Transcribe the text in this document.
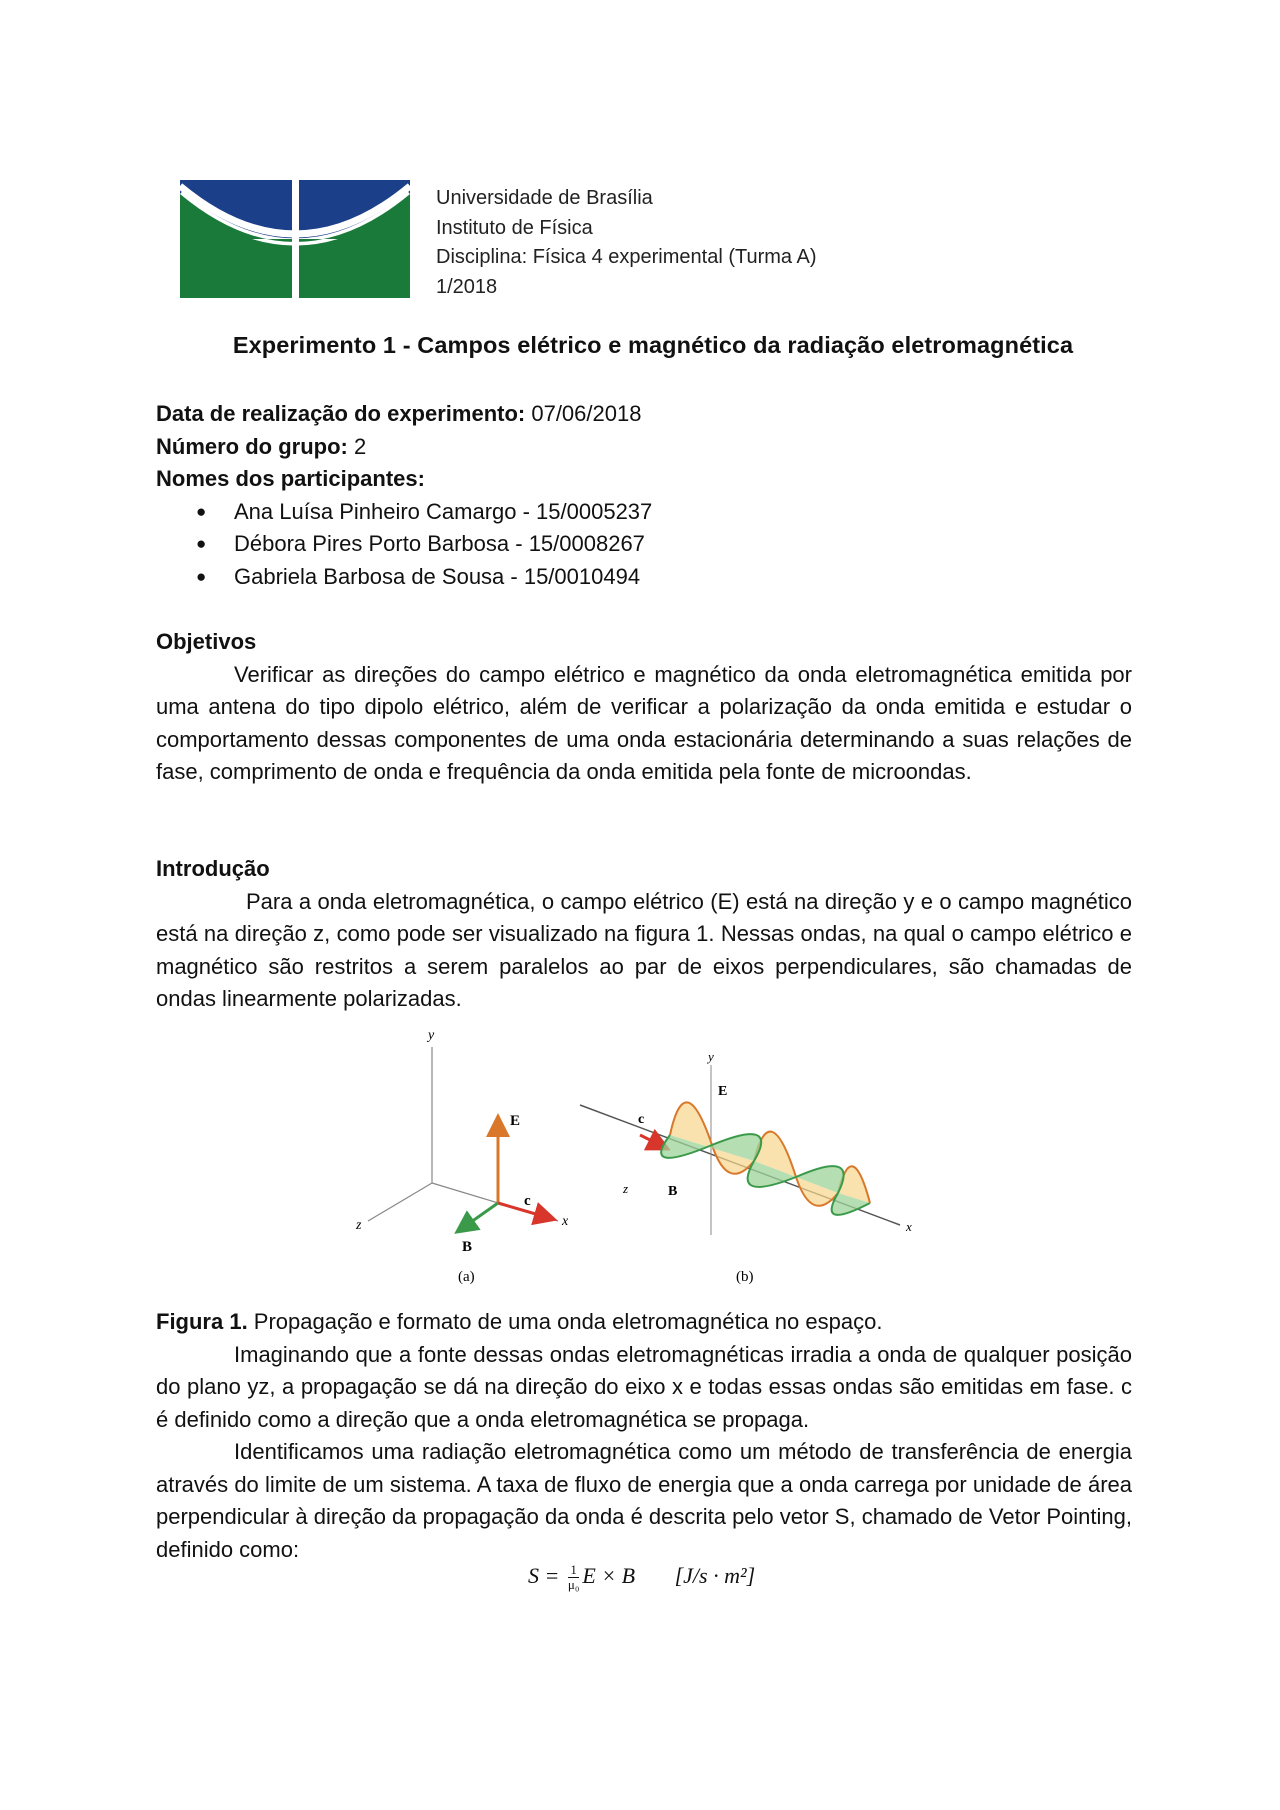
Universidade de Brasília
Instituto de Física
Disciplina: Física 4 experimental (Turma A)
1/2018
Experimento 1 - Campos elétrico e magnético da radiação eletromagnética
Data de realização do experimento: 07/06/2018
Número do grupo: 2
Nomes dos participantes:
● Ana Luísa Pinheiro Camargo - 15/0005237
● Débora Pires Porto Barbosa - 15/0008267
● Gabriela Barbosa de Sousa - 15/0010494
Objetivos
Verificar as direções do campo elétrico e magnético da onda eletromagnética emitida por uma antena do tipo dipolo elétrico, além de verificar a polarização da onda emitida e estudar o comportamento dessas componentes de uma onda estacionária determinando a suas relações de fase, comprimento de onda e frequência da onda emitida pela fonte de microondas.
Introdução
Para a onda eletromagnética, o campo elétrico (E) está na direção y e o campo magnético está na direção z, como pode ser visualizado na figura 1. Nessas ondas, na qual o campo elétrico e magnético são restritos a serem paralelos ao par de eixos perpendiculares, são chamadas de ondas linearmente polarizadas.
y
z	x
E
c
B
(a)
y
E
x
z	B
c
(b)
Figura 1. Propagação e formato de uma onda eletromagnética no espaço.
Imaginando que a fonte dessas ondas eletromagnéticas irradia a onda de qualquer posição do plano yz, a propagação se dá na direção do eixo x e todas essas ondas são emitidas em fase. c é definido como a direção que a onda eletromagnética se propaga.
Identificamos uma radiação eletromagnética como um método de transferência de energia através do limite de um sistema. A taxa de fluxo de energia que a onda carrega por unidade de área perpendicular à direção da propagação da onda é descrita pelo vetor S, chamado de Vetor Pointing, definido como:
$S = \frac{1}{\text{μ₀}}$ E × B [J/s · m²]
